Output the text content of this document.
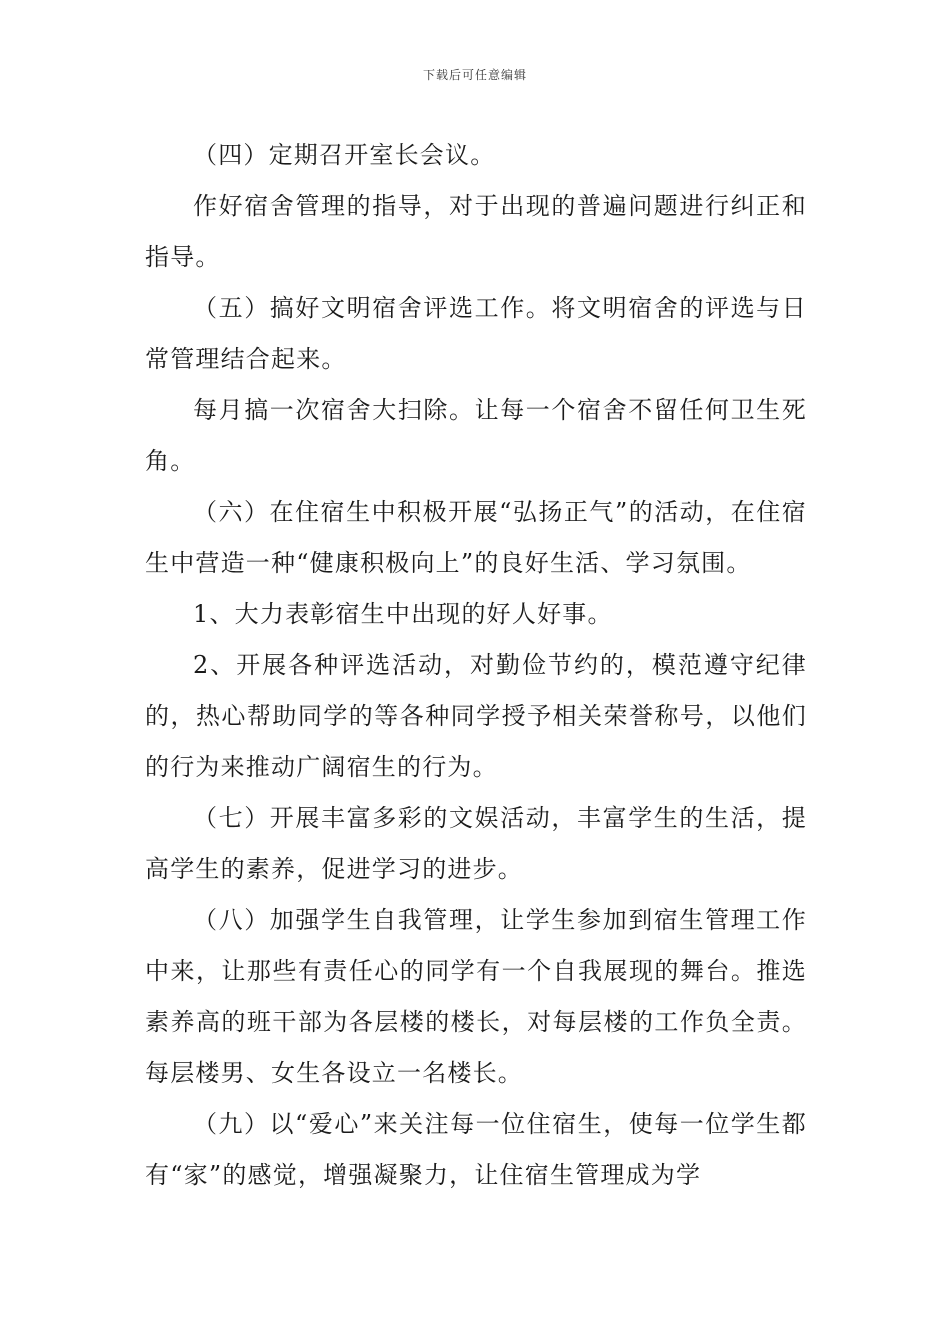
下载后可任意编辑

（四）定期召开室长会议。

作好宿舍管理的指导，对于出现的普遍问题进行纠正和指导。

（五）搞好文明宿舍评选工作。将文明宿舍的评选与日常管理结合起来。

每月搞一次宿舍大扫除。让每一个宿舍不留任何卫生死角。

（六）在住宿生中积极开展“弘扬正气”的活动，在住宿生中营造一种“健康积极向上”的良好生活、学习氛围。

1、大力表彰宿生中出现的好人好事。

2、开展各种评选活动，对勤俭节约的，模范遵守纪律的，热心帮助同学的等各种同学授予相关荣誉称号，以他们的行为来推动广阔宿生的行为。

（七）开展丰富多彩的文娱活动，丰富学生的生活，提高学生的素养，促进学习的进步。

（八）加强学生自我管理，让学生参加到宿生管理工作中来，让那些有责任心的同学有一个自我展现的舞台。推选素养高的班干部为各层楼的楼长，对每层楼的工作负全责。每层楼男、女生各设立一名楼长。

（九）以“爱心”来关注每一位住宿生，使每一位学生都有“家”的感觉，增强凝聚力，让住宿生管理成为学
